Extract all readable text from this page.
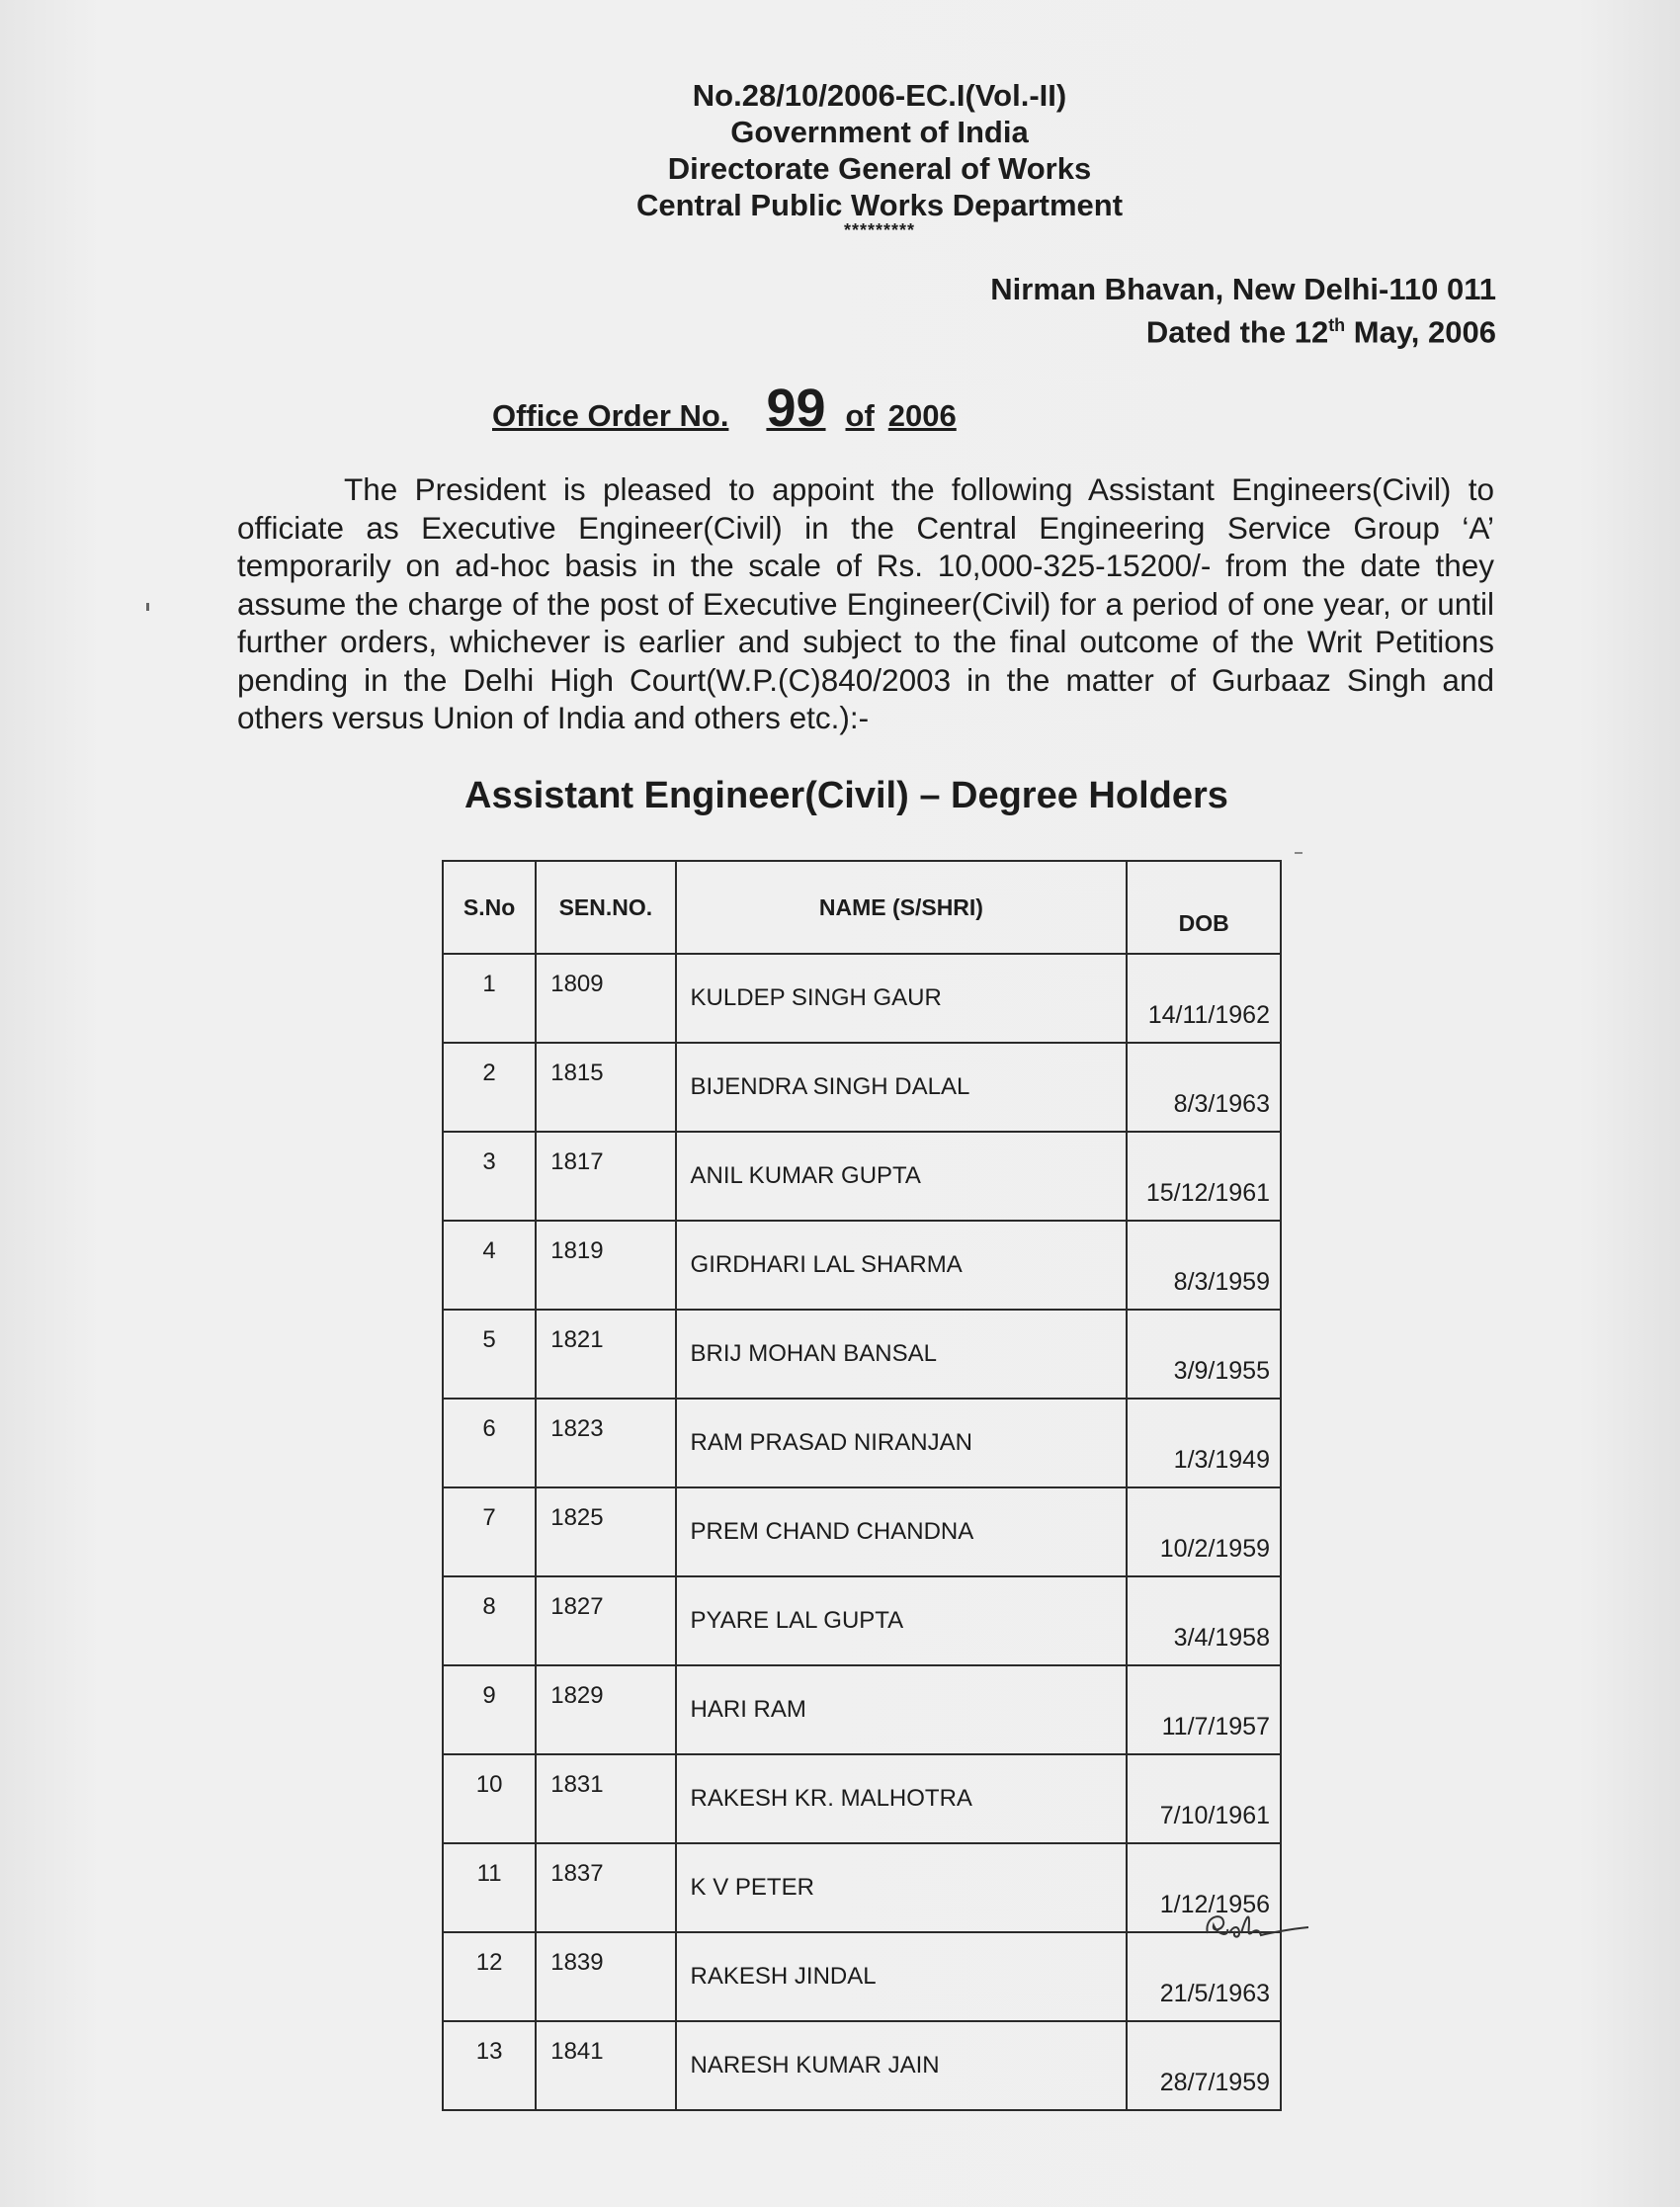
No.28/10/2006-EC.I(Vol.-II)
Government of India
Directorate General of Works
Central Public Works Department
*********
Nirman Bhavan, New Delhi-110 011
Dated the 12th May, 2006
Office Order No. 99 of 2006

The President is pleased to appoint the following Assistant Engineers(Civil) to officiate as Executive Engineer(Civil) in the Central Engineering Service Group ‘A’ temporarily on ad-hoc basis in the scale of Rs. 10,000-325-15200/- from the date they assume the charge of the post of Executive Engineer(Civil) for a period of one year, or until further orders, whichever is earlier and subject to the final outcome of the Writ Petitions pending in the Delhi High Court(W.P.(C)840/2003 in the matter of Gurbaaz Singh and others versus Union of India and others etc.):-

Assistant Engineer(Civil) – Degree Holders
S.No	SEN.NO.	NAME (S/SHRI)	DOB
1	1809	KULDEP SINGH GAUR	14/11/1962
2	1815	BIJENDRA SINGH DALAL	8/3/1963
3	1817	ANIL KUMAR GUPTA	15/12/1961
4	1819	GIRDHARI LAL SHARMA	8/3/1959
5	1821	BRIJ MOHAN BANSAL	3/9/1955
6	1823	RAM PRASAD NIRANJAN	1/3/1949
7	1825	PREM CHAND CHANDNA	10/2/1959
8	1827	PYARE LAL GUPTA	3/4/1958
9	1829	HARI RAM	11/7/1957
10	1831	RAKESH KR. MALHOTRA	7/10/1961
11	1837	K V PETER	1/12/1956
12	1839	RAKESH JINDAL	21/5/1963
13	1841	NARESH KUMAR JAIN	28/7/1959
